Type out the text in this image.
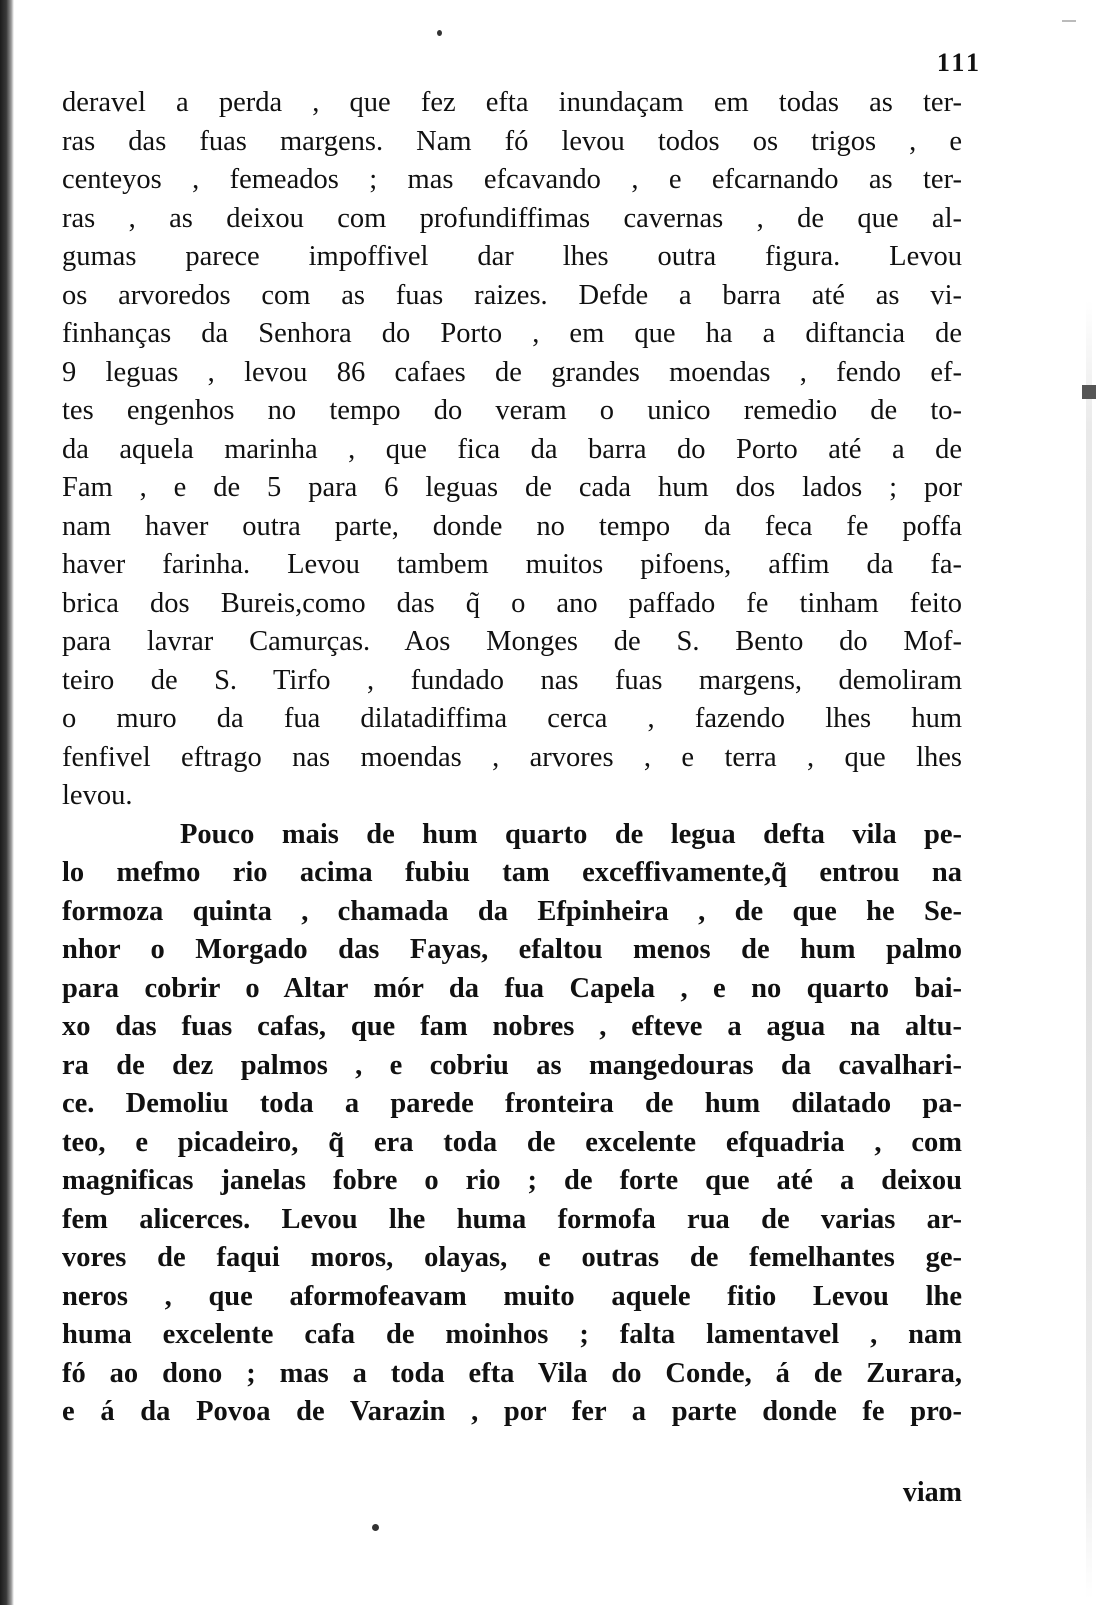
111
deravel a perda , que fez efta inundaçam em todas as ter-
ras das fuas margens. Nam fó levou todos os trigos , e
centeyos , femeados ; mas efcavando , e efcarnando as ter-
ras , as deixou com profundiffimas cavernas , de que al-
gumas parece impoffivel dar lhes outra figura. Levou
os arvoredos com as fuas raizes. Defde a barra até as vi-
finhanças da Senhora do Porto , em que ha a diftancia de
9 leguas , levou 86 cafaes de grandes moendas , fendo ef-
tes engenhos no tempo do veram o unico remedio de to-
da aquela marinha , que fica da barra do Porto até a de
Fam , e de 5 para 6 leguas de cada hum dos lados ; por
nam haver outra parte, donde no tempo da feca fe poffa
haver farinha. Levou tambem muitos pifoens, affim da fa-
brica dos Bureis,como das q̃ o ano paffado fe tinham feito
para lavrar Camurças. Aos Monges de S. Bento do Mof-
teiro de S. Tirfo , fundado nas fuas margens, demoliram
o muro da fua dilatadiffima cerca , fazendo lhes hum
fenfivel eftrago nas moendas , arvores , e terra , que lhes
levou.
Pouco mais de hum quarto de legua defta vila pe-
lo mefmo rio acima fubiu tam exceffivamente,q̃ entrou na
formoza quinta , chamada da Efpinheira , de que he Se-
nhor o Morgado das Fayas, efaltou menos de hum palmo
para cobrir o Altar mór da fua Capela , e no quarto bai-
xo das fuas cafas, que fam nobres , efteve a agua na altu-
ra de dez palmos , e cobriu as mangedouras da cavalhari-
ce. Demoliu toda a parede fronteira de hum dilatado pa-
teo, e picadeiro, q̃ era toda de excelente efquadria , com
magnificas janelas fobre o rio ; de forte que até a deixou
fem alicerces. Levou lhe huma formofa rua de varias ar-
vores de faqui moros, olayas, e outras de femelhantes ge-
neros , que aformofeavam muito aquele fitio Levou lhe
huma excelente cafa de moinhos ; falta lamentavel , nam
fó ao dono ; mas a toda efta Vila do Conde, á de Zurara,
e á da Povoa de Varazin , por fer a parte donde fe pro-
viam
